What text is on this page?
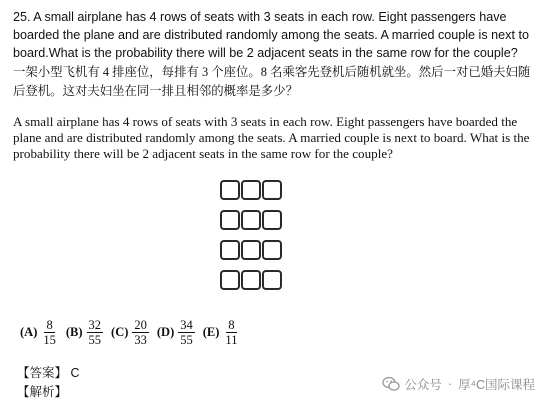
25. A small airplane has 4 rows of seats with 3 seats in each row. Eight passengers have boarded the plane and are distributed randomly among the seats. A married couple is next to board.What is the probability there will be 2 adjacent seats in the same row for the couple?
一架小型飞机有 4 排座位，每排有 3 个座位。8 名乘客先登机后随机就坐。然后一对已婚夫妇随后登机。这对夫妇坐在同一排且相邻的概率是多少？
A small airplane has 4 rows of seats with 3 seats in each row. Eight passengers have boarded the plane and are distributed randomly among the seats. A married couple is next to board. What is the probability there will be 2 adjacent seats in the same row for the couple?
$(A) \frac{8}{15} (B) \frac{32}{55} (C) \frac{20}{33} (D) \frac{34}{55} (E) \frac{8}{11}$
【答案】 C
【解析】	公众号 · 厚⁴C国际课程
